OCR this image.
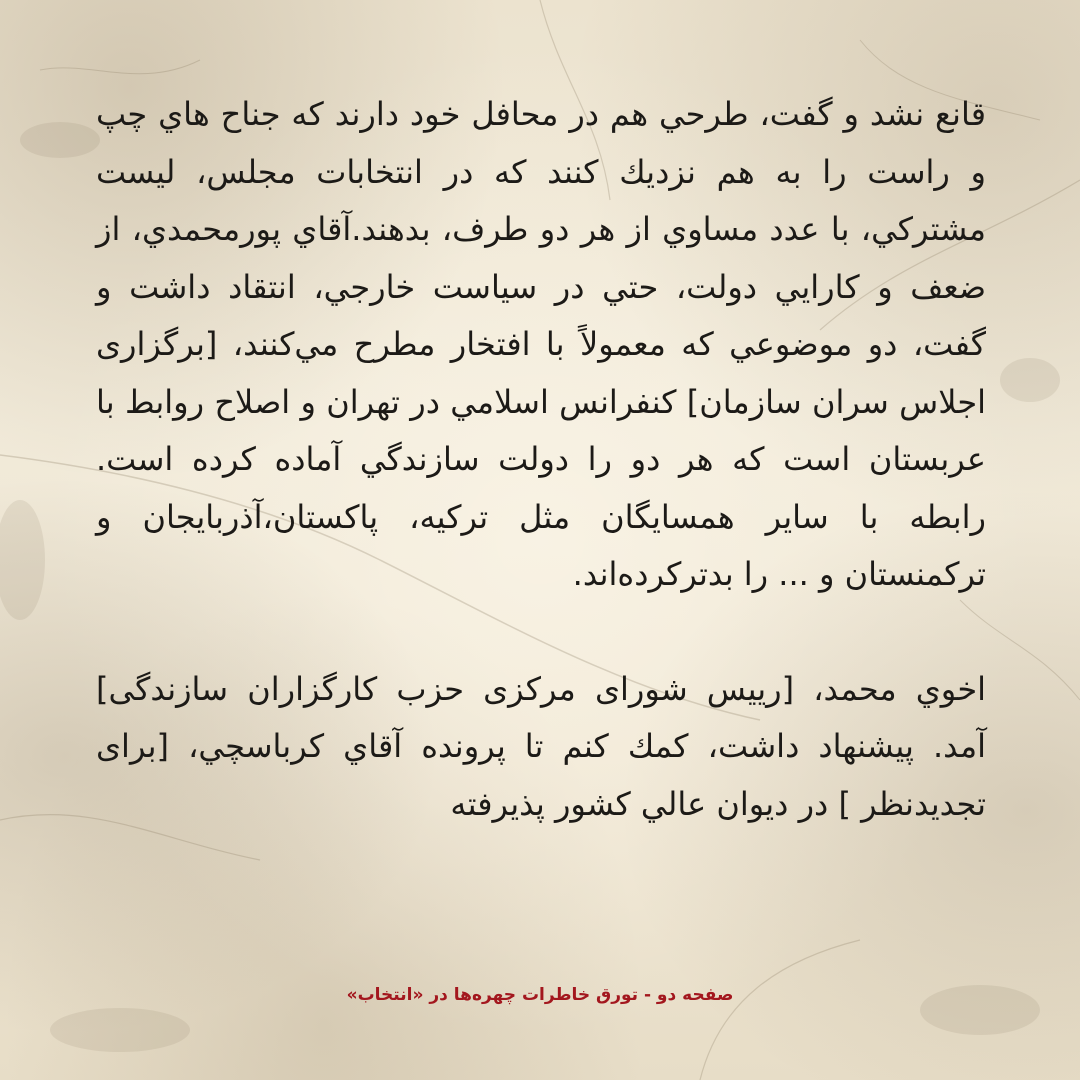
قانع نشد و گفت، طرحي هم در محافل خود دارند كه جناح هاي چپ و راست را به هم نزديك كنند كه در انتخابات مجلس، ليست مشتركي، با عدد مساوي از هر دو طرف، بدهند.آقاي پورمحمدي، از ضعف و كارايي دولت، حتي در سياست خارجي، انتقاد داشت و گفت، دو موضوعي كه معمولاً با افتخار مطرح مي‌كنند، [برگزاری اجلاس سران سازمان] كنفرانس اسلامي در تهران و اصلاح روابط با عربستان است كه هر دو را دولت سازندگي آماده كرده است. رابطه با ساير همسايگان مثل تركيه، پاكستان،آذربايجان و تركمنستان و ... را بدتركرده‌اند.

اخوي محمد، [رییس شورای مرکزی حزب کارگزاران سازندگی] آمد. پيشنهاد داشت، كمك كنم تا پرونده آقاي كرباسچي، [برای تجدیدنظر ] در ديوان عالي كشور پذيرفته

صفحه دو - تورق خاطرات چهره‌ها در «انتخاب»
